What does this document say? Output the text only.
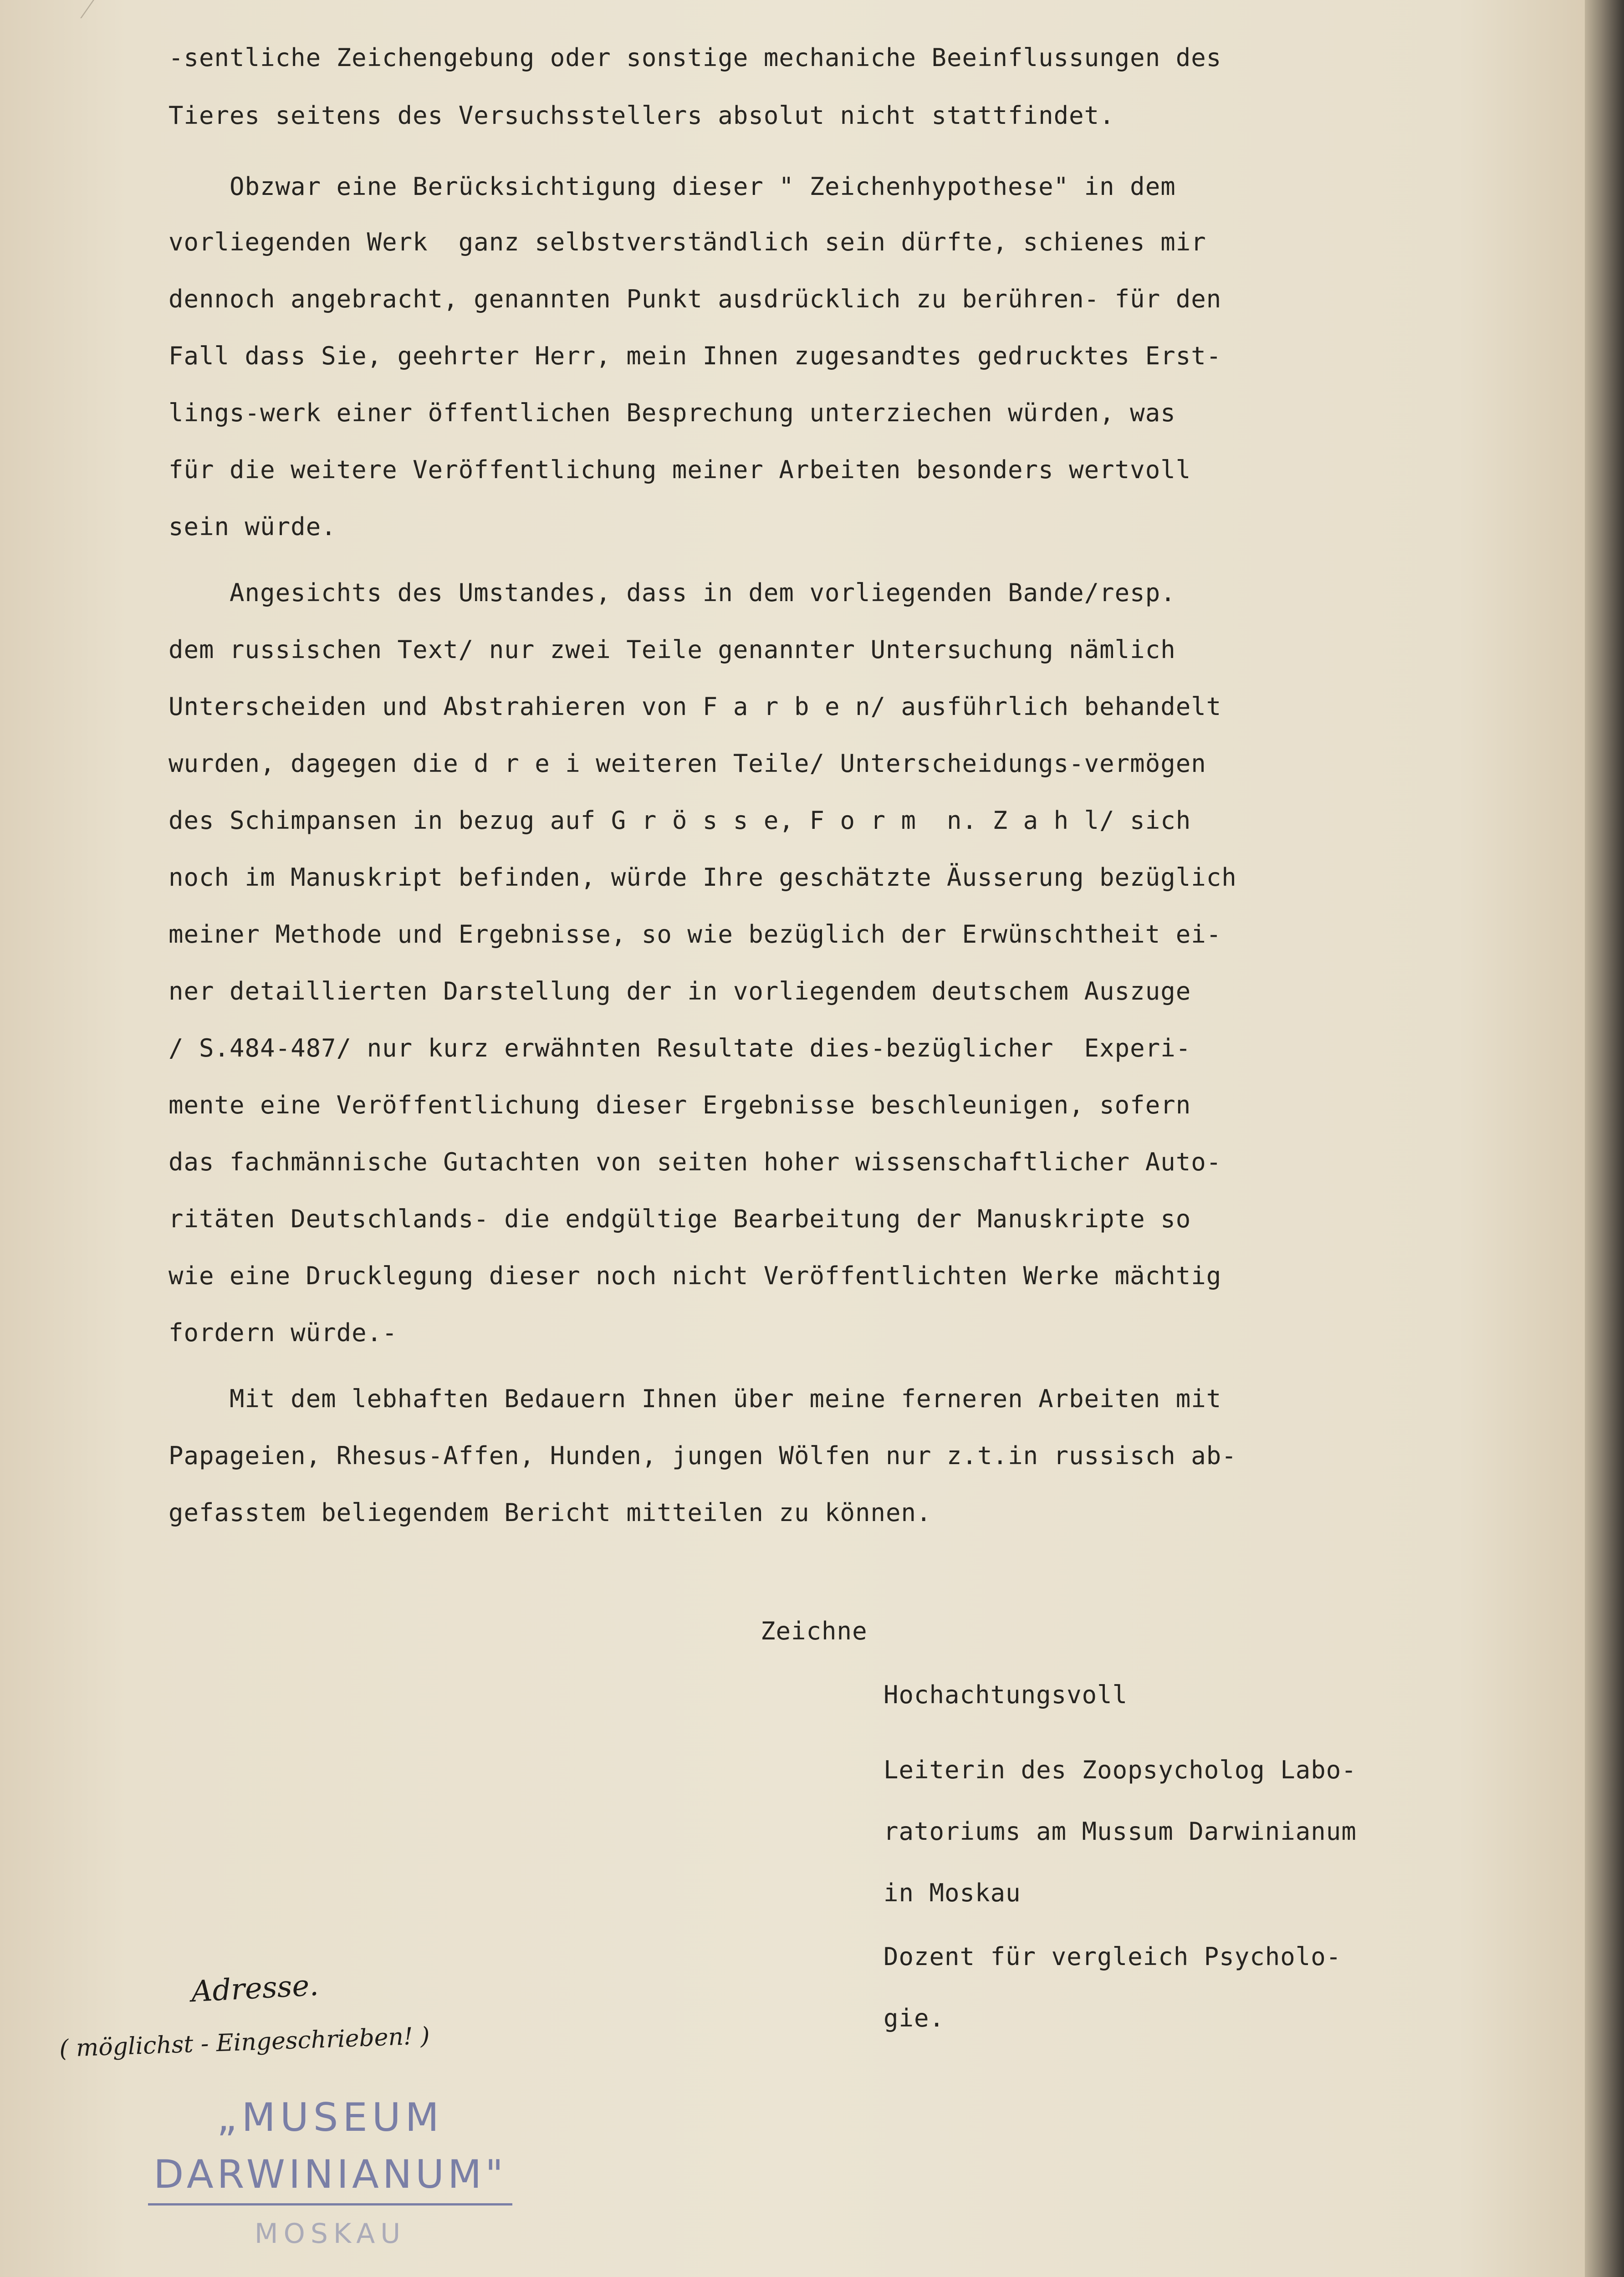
-sentliche Zeichengebung oder sonstige mechaniche Beeinflussungen des

Tieres seitens des Versuchsstellers absolut nicht stattfindet.

Obzwar eine Berücksichtigung dieser " Zeichenhypothese" in dem

vorliegenden Werk  ganz selbstverständlich sein dürfte, schienes mir

dennoch angebracht, genannten Punkt ausdrücklich zu berühren- für den

Fall dass Sie, geehrter Herr, mein Ihnen zugesandtes gedrucktes Erst-

lings-werk einer öffentlichen Besprechung unterziechen würden, was

für die weitere Veröffentlichung meiner Arbeiten besonders wertvoll

sein würde.

Angesichts des Umstandes, dass in dem vorliegenden Bande/resp.

dem russischen Text/ nur zwei Teile genannter Untersuchung nämlich

Unterscheiden und Abstrahieren von F a r b e n/ ausführlich behandelt

wurden, dagegen die d r e i weiteren Teile/ Unterscheidungs-vermögen

des Schimpansen in bezug auf G r ö s s e, F o r m  n. Z a h l/ sich

noch im Manuskript befinden, würde Ihre geschätzte Äusserung bezüglich

meiner Methode und Ergebnisse, so wie bezüglich der Erwünschtheit ei-

ner detaillierten Darstellung der in vorliegendem deutschem Auszuge

/ S.484-487/ nur kurz erwähnten Resultate dies-bezüglicher  Experi-

mente eine Veröffentlichung dieser Ergebnisse beschleunigen, sofern

das fachmännische Gutachten von seiten hoher wissenschaftlicher Auto-

ritäten Deutschlands- die endgültige Bearbeitung der Manuskripte so

wie eine Drucklegung dieser noch nicht Veröffentlichten Werke mächtig

fordern würde.-

Mit dem lebhaften Bedauern Ihnen über meine ferneren Arbeiten mit

Papageien, Rhesus-Affen, Hunden, jungen Wölfen nur z.t.in russisch ab-

gefasstem beliegendem Bericht mitteilen zu können.

Zeichne

Hochachtungsvoll

Leiterin des Zoopsycholog Labo-

ratoriums am Mussum Darwinianum

in Moskau

Dozent für vergleich Psycholo-

gie.

Adresse.
( möglichst - Eingeschrieben! )
„MUSEUM
DARWINIANUM"
MOSKAU
